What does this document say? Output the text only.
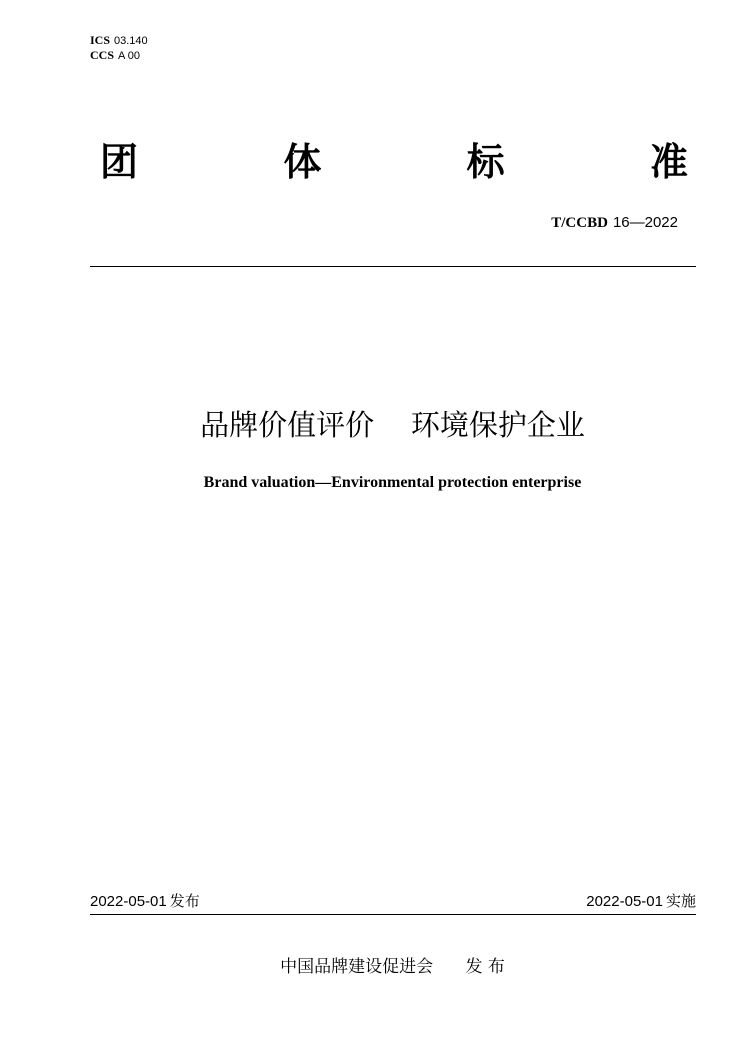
ICS 03.140
CCS A 00
团	体	标	准
T/CCBD 16—2022
品牌价值评价    环境保护企业
Brand valuation—Environmental protection enterprise
2022-05-01 发布	2022-05-01 实施
中国品牌建设促进会 发 布
